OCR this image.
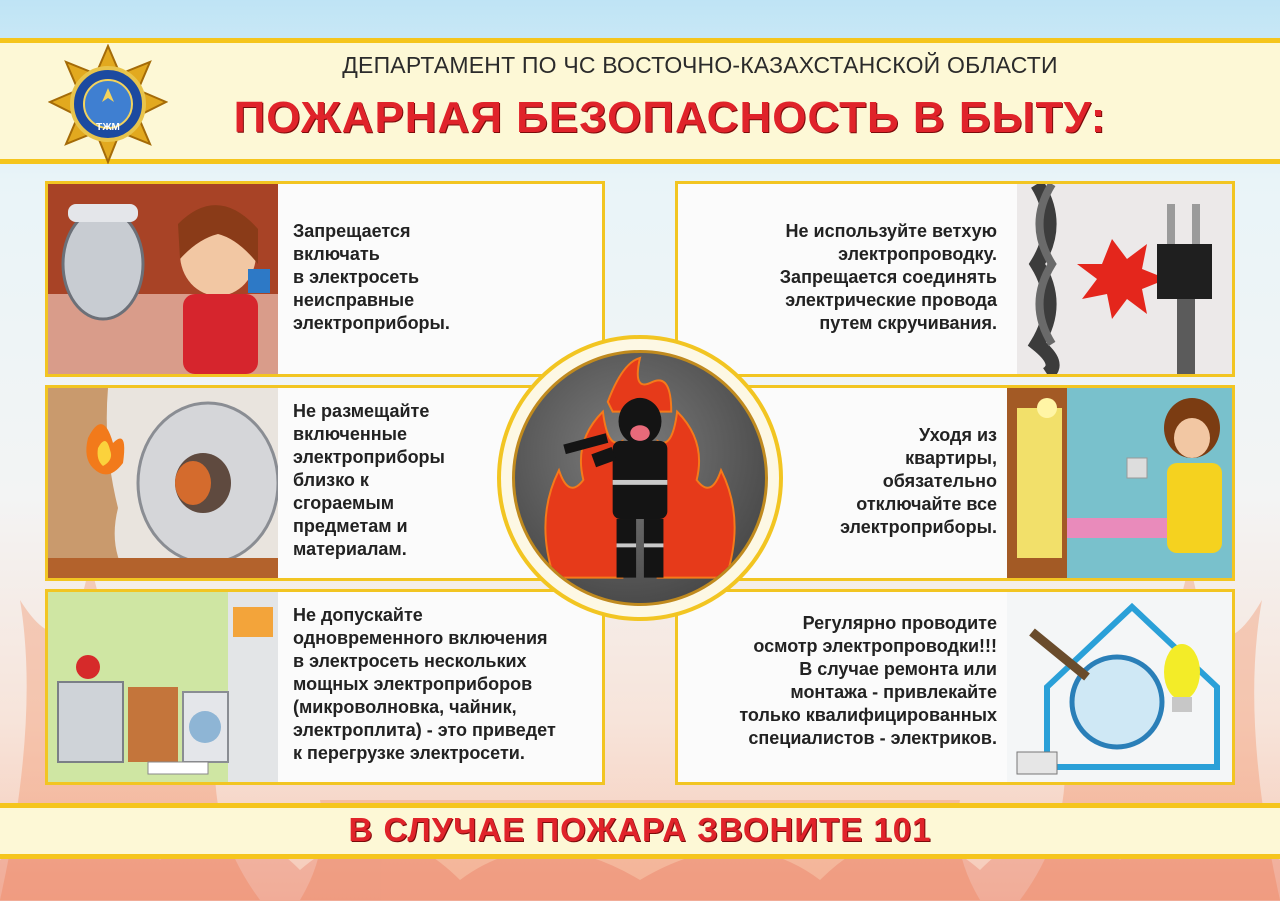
ТЖМ
ДЕПАРТАМЕНТ ПО ЧС ВОСТОЧНО-КАЗАХСТАНСКОЙ ОБЛАСТИ
ПОЖАРНАЯ БЕЗОПАСНОСТЬ В БЫТУ:
Запрещается
включать
в электросеть
неисправные
электроприборы.
Не размещайте
включенные
электроприборы
близко к
сгораемым
предметам и
материалам.
Не допускайте
одновременного включения
в электросеть нескольких
мощных электроприборов
(микроволновка, чайник,
электроплита) - это приведет
к перегрузке электросети.
Не используйте ветхую
электропроводку.
Запрещается соединять
электрические провода
путем скручивания.
Уходя из
квартиры,
обязательно
отключайте все
электроприборы.
Регулярно проводите
осмотр электропроводки!!!
В случае ремонта или
монтажа - привлекайте
только квалифицированных
специалистов - электриков.
В СЛУЧАЕ ПОЖАРА ЗВОНИТЕ 101
